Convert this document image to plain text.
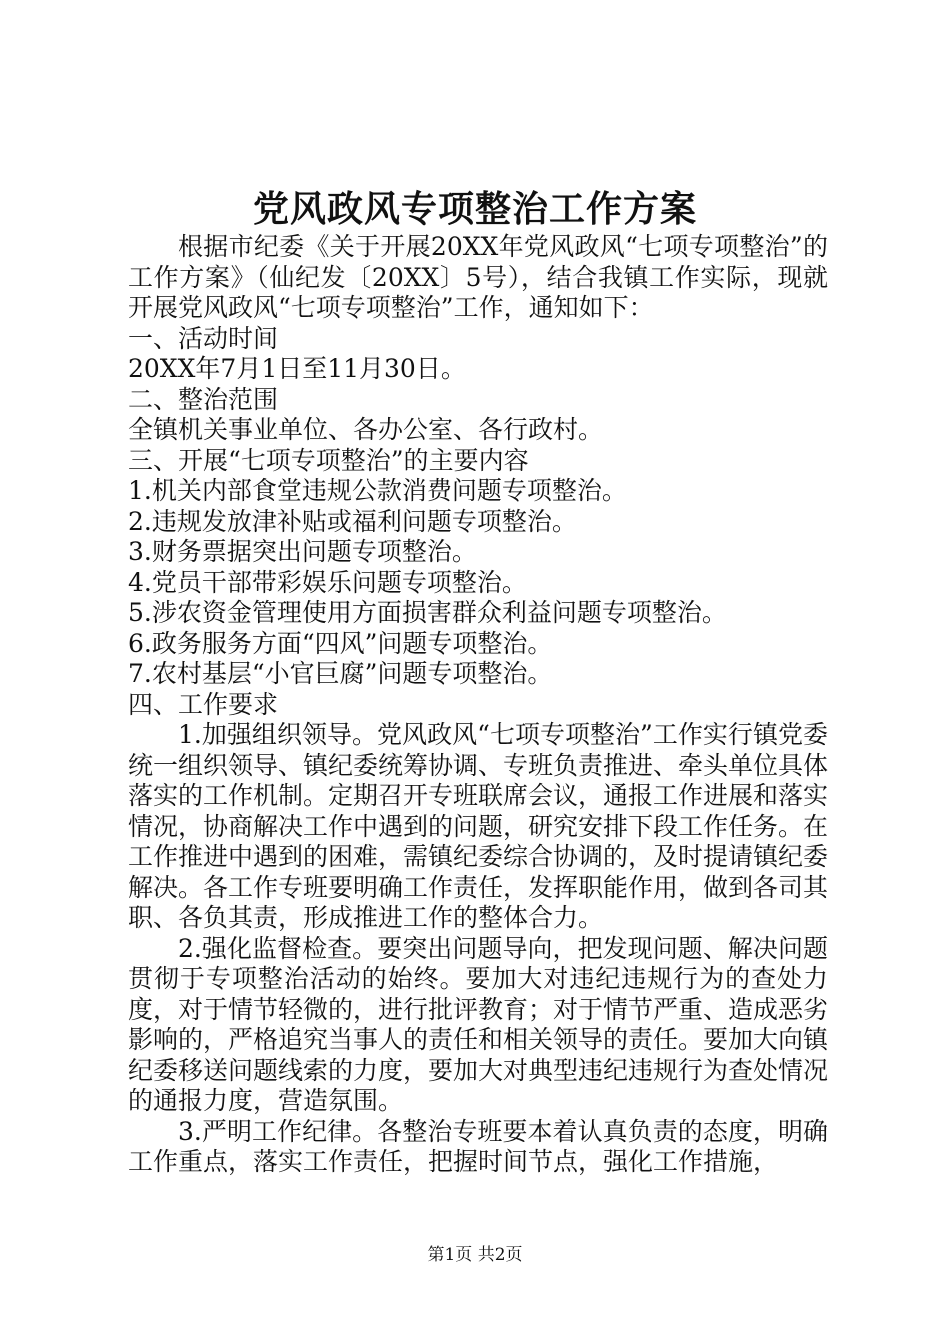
党风政风专项整治工作方案

根据市纪委《关于开展20XX年党风政风“七项专项整治”的工作方案》（仙纪发〔20XX〕5号），结合我镇工作实际，现就开展党风政风“七项专项整治”工作，通知如下：

一、活动时间

20XX年7月1日至11月30日。

二、整治范围

全镇机关事业单位、各办公室、各行政村。

三、开展“七项专项整治”的主要内容

1.机关内部食堂违规公款消费问题专项整治。

2.违规发放津补贴或福利问题专项整治。

3.财务票据突出问题专项整治。

4.党员干部带彩娱乐问题专项整治。

5.涉农资金管理使用方面损害群众利益问题专项整治。

6.政务服务方面“四风”问题专项整治。

7.农村基层“小官巨腐”问题专项整治。

四、工作要求

1.加强组织领导。党风政风“七项专项整治”工作实行镇党委统一组织领导、镇纪委统筹协调、专班负责推进、牵头单位具体落实的工作机制。定期召开专班联席会议，通报工作进展和落实情况，协商解决工作中遇到的问题，研究安排下段工作任务。在工作推进中遇到的困难，需镇纪委综合协调的，及时提请镇纪委解决。各工作专班要明确工作责任，发挥职能作用，做到各司其职、各负其责，形成推进工作的整体合力。

2.强化监督检查。要突出问题导向，把发现问题、解决问题贯彻于专项整治活动的始终。要加大对违纪违规行为的查处力度，对于情节轻微的，进行批评教育；对于情节严重、造成恶劣影响的，严格追究当事人的责任和相关领导的责任。要加大向镇纪委移送问题线索的力度，要加大对典型违纪违规行为查处情况的通报力度，营造氛围。

3.严明工作纪律。各整治专班要本着认真负责的态度，明确工作重点，落实工作责任，把握时间节点，强化工作措施，

第1页 共2页
